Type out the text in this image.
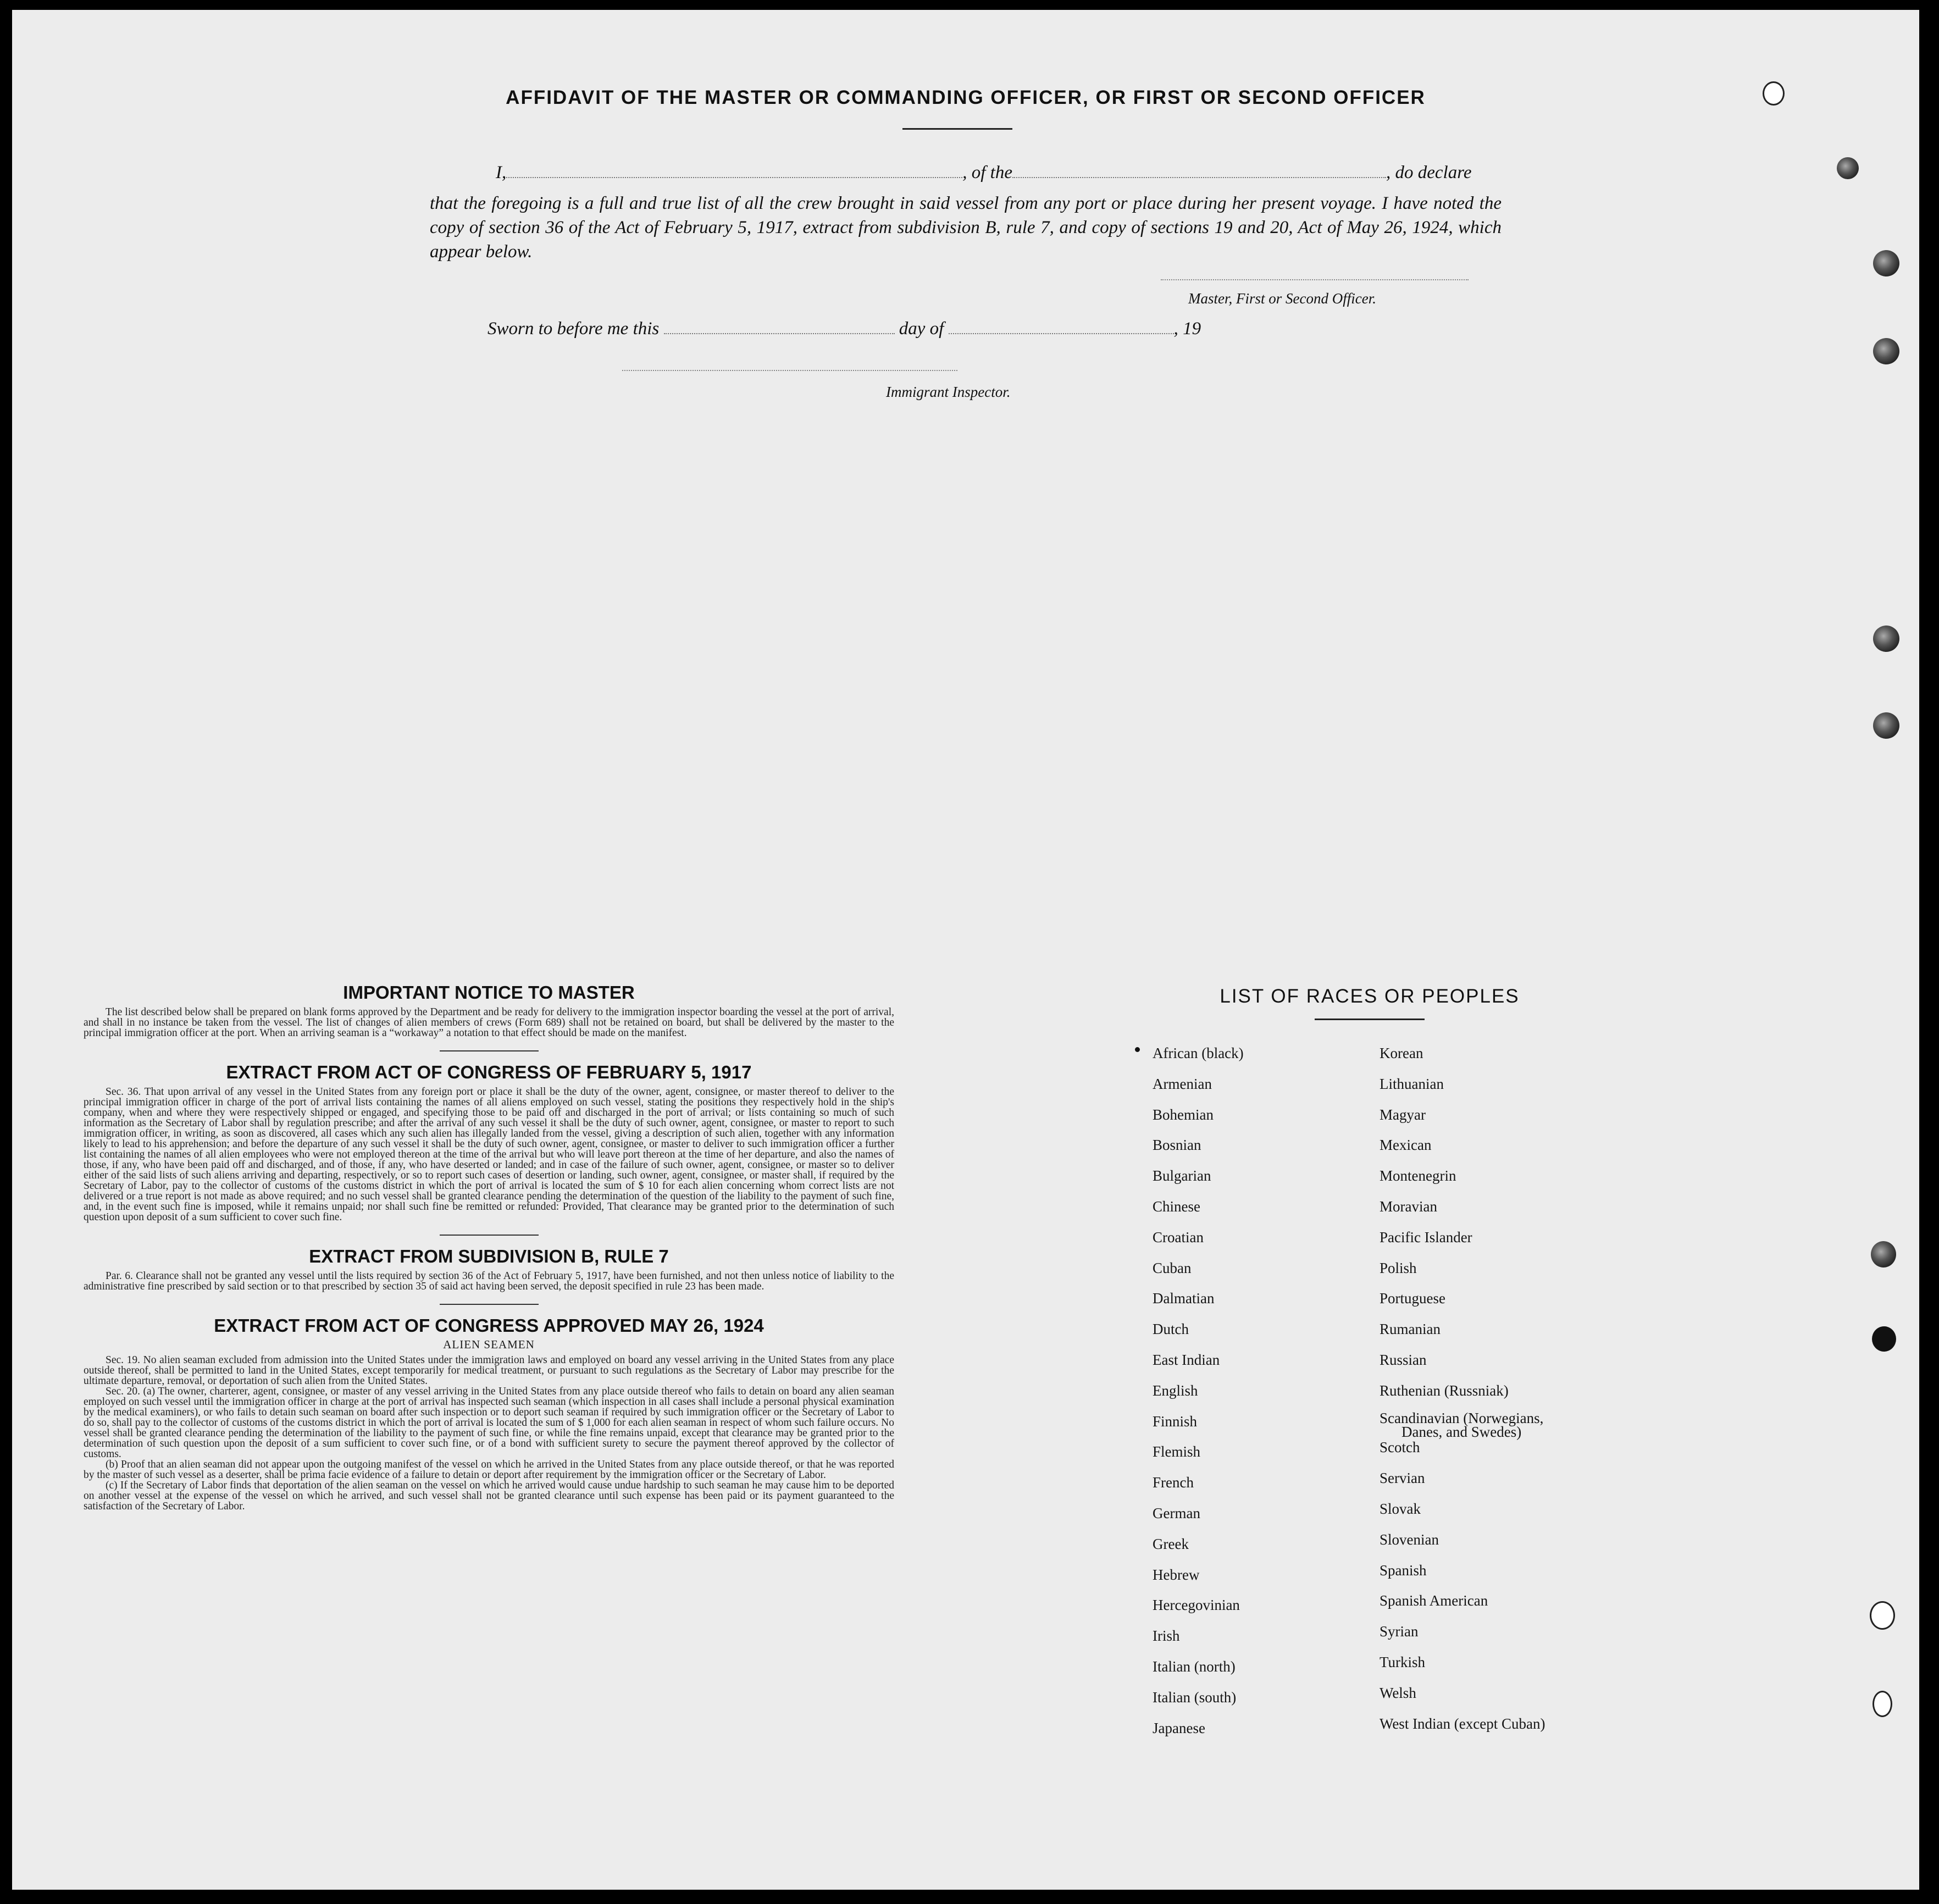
AFFIDAVIT OF THE MASTER OR COMMANDING OFFICER, OR FIRST OR SECOND OFFICER
I,	, of the	, do declare
that the foregoing is a full and true list of all the crew brought in said vessel from any port or place during her present voyage. I have noted the copy of section 36 of the Act of February 5, 1917, extract from subdivision B, rule 7, and copy of sections 19 and 20, Act of May 26, 1924, which appear below.
Master, First or Second Officer.
Sworn to before me this	day of	, 19
Immigrant Inspector.
IMPORTANT NOTICE TO MASTER

The list described below shall be prepared on blank forms approved by the Department and be ready for delivery to the immigration inspector boarding the vessel at the port of arrival, and shall in no instance be taken from the vessel. The list of changes of alien members of crews (Form 689) shall not be retained on board, but shall be delivered by the master to the principal immigration officer at the port. When an arriving seaman is a “workaway” a notation to that effect should be made on the manifest.

EXTRACT FROM ACT OF CONGRESS OF FEBRUARY 5, 1917

Sec. 36. That upon arrival of any vessel in the United States from any foreign port or place it shall be the duty of the owner, agent, consignee, or master thereof to deliver to the principal immigration officer in charge of the port of arrival lists containing the names of all aliens employed on such vessel, stating the positions they respectively hold in the ship's company, when and where they were respectively shipped or engaged, and specifying those to be paid off and discharged in the port of arrival; or lists containing so much of such information as the Secretary of Labor shall by regulation prescribe; and after the arrival of any such vessel it shall be the duty of such owner, agent, consignee, or master to report to such immigration officer, in writing, as soon as discovered, all cases which any such alien has illegally landed from the vessel, giving a description of such alien, together with any information likely to lead to his apprehension; and before the departure of any such vessel it shall be the duty of such owner, agent, consignee, or master to deliver to such immigration officer a further list containing the names of all alien employees who were not employed thereon at the time of the arrival but who will leave port thereon at the time of her departure, and also the names of those, if any, who have been paid off and discharged, and of those, if any, who have deserted or landed; and in case of the failure of such owner, agent, consignee, or master so to deliver either of the said lists of such aliens arriving and departing, respectively, or so to report such cases of desertion or landing, such owner, agent, consignee, or master shall, if required by the Secretary of Labor, pay to the collector of customs of the customs district in which the port of arrival is located the sum of $ 10 for each alien concerning whom correct lists are not delivered or a true report is not made as above required; and no such vessel shall be granted clearance pending the determination of the question of the liability to the payment of such fine, and, in the event such fine is imposed, while it remains unpaid; nor shall such fine be remitted or refunded: Provided, That clearance may be granted prior to the determination of such question upon deposit of a sum sufficient to cover such fine.

EXTRACT FROM SUBDIVISION B, RULE 7

Par. 6. Clearance shall not be granted any vessel until the lists required by section 36 of the Act of February 5, 1917, have been furnished, and not then unless notice of liability to the administrative fine prescribed by said section or to that prescribed by section 35 of said act having been served, the deposit specified in rule 23 has been made.

EXTRACT FROM ACT OF CONGRESS APPROVED MAY 26, 1924
ALIEN SEAMEN

Sec. 19. No alien seaman excluded from admission into the United States under the immigration laws and employed on board any vessel arriving in the United States from any place outside thereof, shall be permitted to land in the United States, except temporarily for medical treatment, or pursuant to such regulations as the Secretary of Labor may prescribe for the ultimate departure, removal, or deportation of such alien from the United States.

Sec. 20. (a) The owner, charterer, agent, consignee, or master of any vessel arriving in the United States from any place outside thereof who fails to detain on board any alien seaman employed on such vessel until the immigration officer in charge at the port of arrival has inspected such seaman (which inspection in all cases shall include a personal physical examination by the medical examiners), or who fails to detain such seaman on board after such inspection or to deport such seaman if required by such immigration officer or the Secretary of Labor to do so, shall pay to the collector of customs of the customs district in which the port of arrival is located the sum of $ 1,000 for each alien seaman in respect of whom such failure occurs. No vessel shall be granted clearance pending the determination of the liability to the payment of such fine, or while the fine remains unpaid, except that clearance may be granted prior to the determination of such question upon the deposit of a sum sufficient to cover such fine, or of a bond with sufficient surety to secure the payment thereof approved by the collector of customs.

(b) Proof that an alien seaman did not appear upon the outgoing manifest of the vessel on which he arrived in the United States from any place outside thereof, or that he was reported by the master of such vessel as a deserter, shall be prima facie evidence of a failure to detain or deport after requirement by the immigration officer or the Secretary of Labor.

(c) If the Secretary of Labor finds that deportation of the alien seaman on the vessel on which he arrived would cause undue hardship to such seaman he may cause him to be deported on another vessel at the expense of the vessel on which he arrived, and such vessel shall not be granted clearance until such expense has been paid or its payment guaranteed to the satisfaction of the Secretary of Labor.

LIST OF RACES OR PEOPLES
African (black)
Armenian
Bohemian
Bosnian
Bulgarian
Chinese
Croatian
Cuban
Dalmatian
Dutch
East Indian
English
Finnish
Flemish
French
German
Greek
Hebrew
Hercegovinian
Irish
Italian (north)
Italian (south)
Japanese
Korean
Lithuanian
Magyar
Mexican
Montenegrin
Moravian
Pacific Islander
Polish
Portuguese
Rumanian
Russian
Ruthenian (Russniak)
Scandinavian (Norwegians,
Danes, and Swedes)
Scotch
Servian
Slovak
Slovenian
Spanish
Spanish American
Syrian
Turkish
Welsh
West Indian (except Cuban)
